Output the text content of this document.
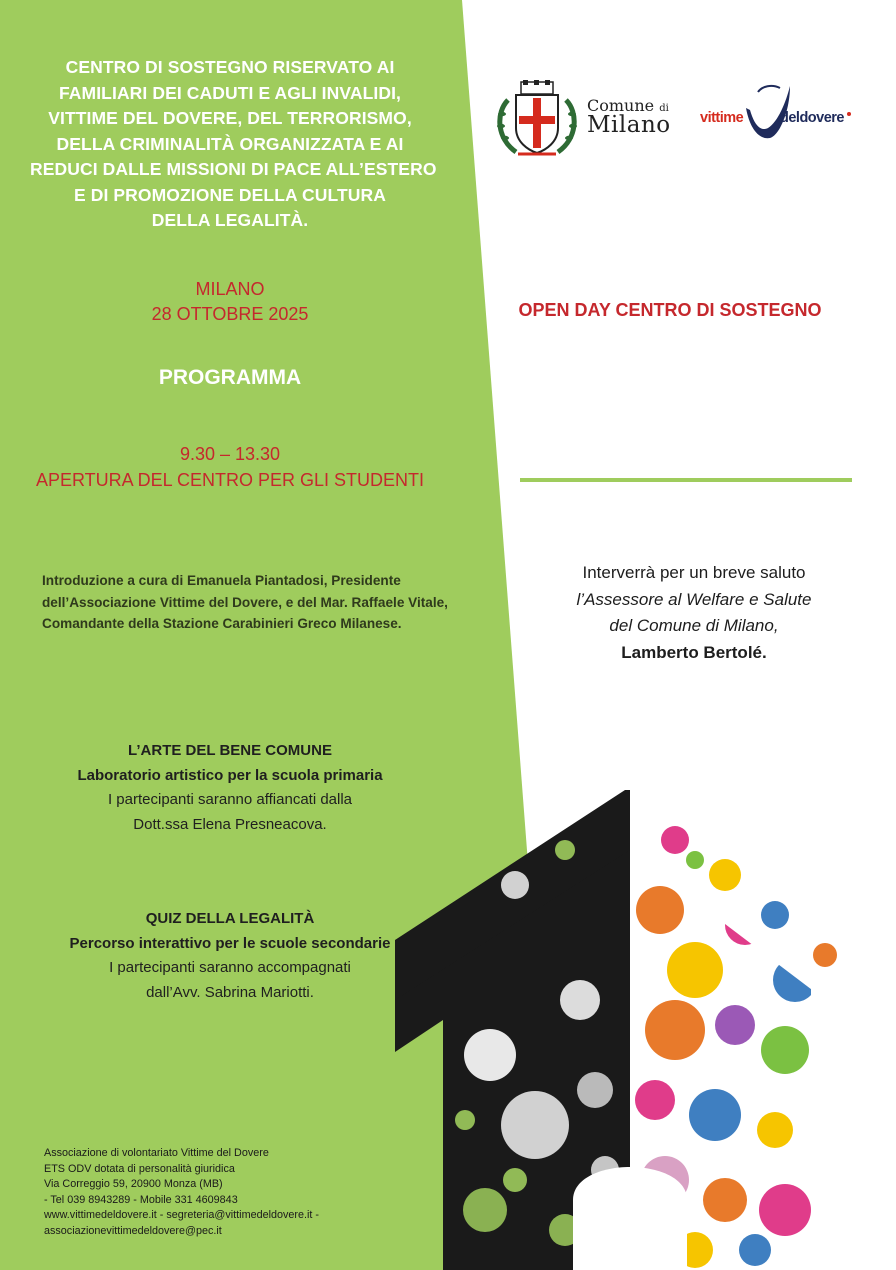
CENTRO DI SOSTEGNO RISERVATO AI
FAMILIARI DEI CADUTI E AGLI INVALIDI,
VITTIME DEL DOVERE, DEL TERRORISMO,
DELLA CRIMINALITÀ ORGANIZZATA E AI
REDUCI DALLE MISSIONI DI PACE ALL’ESTERO
E DI PROMOZIONE DELLA CULTURA
DELLA LEGALITÀ.
MILANO
28 OTTOBRE 2025
PROGRAMMA
9.30 – 13.30
APERTURA DEL CENTRO PER GLI STUDENTI
Introduzione a cura di Emanuela Piantadosi, Presidente
dell’Associazione Vittime del Dovere, e del Mar. Raffaele Vitale,
Comandante della Stazione Carabinieri Greco Milanese.
L’ARTE DEL BENE COMUNE
Laboratorio artistico per la scuola primaria
I partecipanti saranno affiancati dalla
Dott.ssa Elena Presneacova.
QUIZ DELLA LEGALITÀ
Percorso interattivo per le scuole secondarie
I partecipanti saranno accompagnati
dall’Avv. Sabrina Mariotti.
Associazione di volontariato Vittime del Dovere
ETS ODV dotata di personalità giuridica
Via Correggio 59, 20900 Monza (MB)
- Tel 039 8943289 - Mobile 331 4609843
www.vittimedeldovere.it - segreteria@vittimedeldovere.it -
associazionevittimedeldovere@pec.it
Comune di
Milano vittime	deldovere
OPEN DAY CENTRO DI SOSTEGNO
Interverrà per un breve saluto
l’Assessore al Welfare e Salute
del Comune di Milano,
Lamberto Bertolé.
